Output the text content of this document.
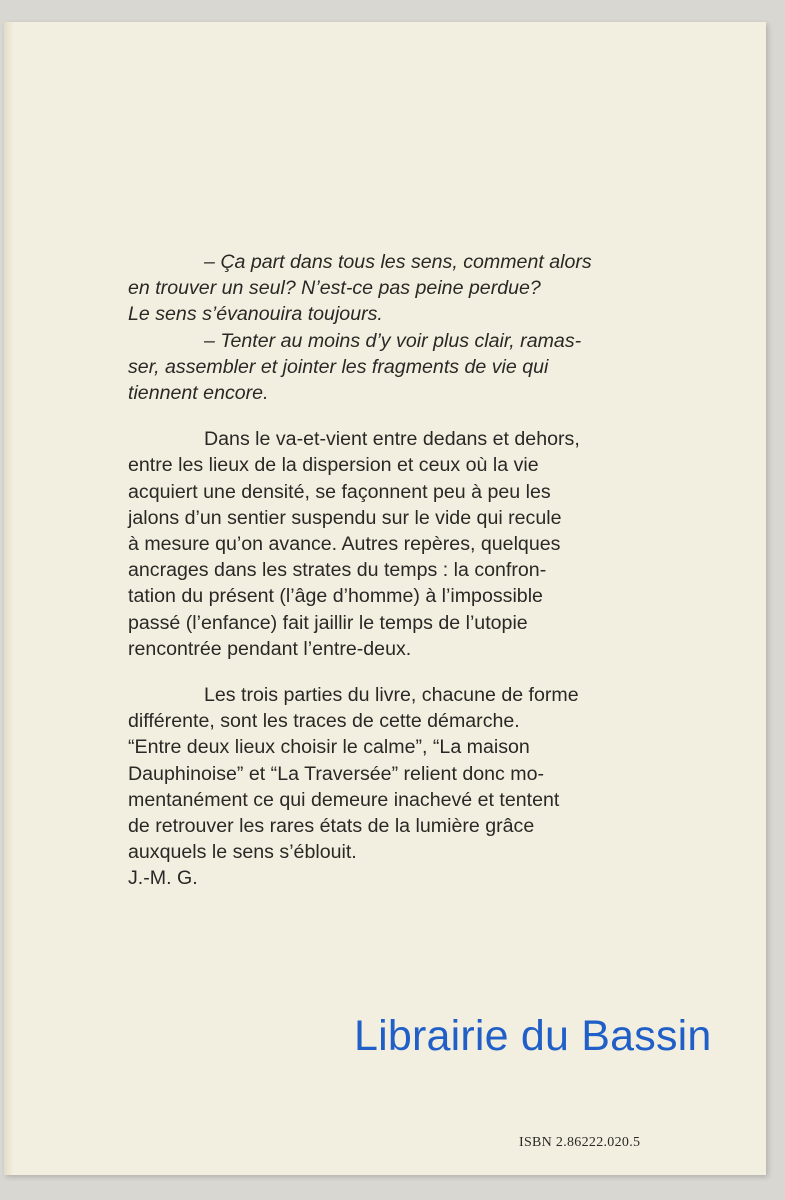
– Ça part dans tous les sens, comment alors
en trouver un seul? N’est-ce pas peine perdue?
Le sens s’évanouira toujours.

– Tenter au moins d’y voir plus clair, ramas-
ser, assembler et jointer les fragments de vie qui
tiennent encore.

Dans le va-et-vient entre dedans et dehors,
entre les lieux de la dispersion et ceux où la vie
acquiert une densité, se façonnent peu à peu les
jalons d’un sentier suspendu sur le vide qui recule
à mesure qu’on avance. Autres repères, quelques
ancrages dans les strates du temps : la confron-
tation du présent (l’âge d’homme) à l’impossible
passé (l’enfance) fait jaillir le temps de l’utopie
rencontrée pendant l’entre-deux.

Les trois parties du livre, chacune de forme
différente, sont les traces de cette démarche.
“Entre deux lieux choisir le calme”, “La maison
Dauphinoise” et “La Traversée” relient donc mo-
mentanément ce qui demeure inachevé et tentent
de retrouver les rares états de la lumière grâce
auxquels le sens s’éblouit.

J.-M. G.

Librairie du Bassin
ISBN 2.86222.020.5
